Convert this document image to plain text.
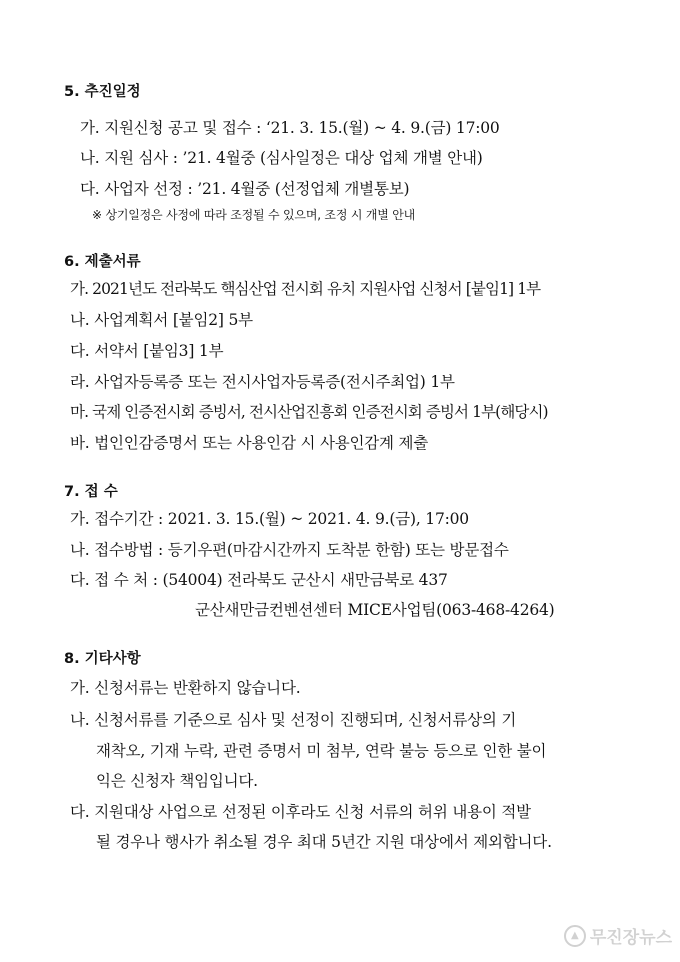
5. 추진일정
가. 지원신청 공고 및 접수 : ‘21. 3. 15.(월) ~ 4. 9.(금) 17:00
나. 지원 심사 : ’21. 4월중 (심사일정은 대상 업체 개별 안내)
다. 사업자 선정 : ’21. 4월중 (선정업체 개별통보)
※ 상기일정은 사정에 따라 조정될 수 있으며, 조정 시 개별 안내
6. 제출서류
가. 2021년도 전라북도 핵심산업 전시회 유치 지원사업 신청서 [붙임1] 1부
나. 사업계획서 [붙임2] 5부
다. 서약서 [붙임3] 1부
라. 사업자등록증 또는 전시사업자등록증(전시주최업) 1부
마. 국제 인증전시회 증빙서, 전시산업진흥회 인증전시회 증빙서 1부(해당시)
바. 법인인감증명서 또는 사용인감 시 사용인감계 제출
7. 접 수
가. 접수기간 : 2021. 3. 15.(월) ~ 2021. 4. 9.(금), 17:00
나. 접수방법 : 등기우편(마감시간까지 도착분 한함) 또는 방문접수
다. 접 수 처 : (54004) 전라북도 군산시 새만금북로 437
군산새만금컨벤션센터 MICE사업팀(063-468-4264)
8. 기타사항
가. 신청서류는 반환하지 않습니다.
나. 신청서류를 기준으로 심사 및 선정이 진행되며, 신청서류상의 기
재착오, 기재 누락, 관련 증명서 미 첨부, 연락 불능 등으로 인한 불이
익은 신청자 책임입니다.
다. 지원대상 사업으로 선정된 이후라도 신청 서류의 허위 내용이 적발
될 경우나 행사가 취소될 경우 최대 5년간 지원 대상에서 제외합니다.
▲ 무진장뉴스
